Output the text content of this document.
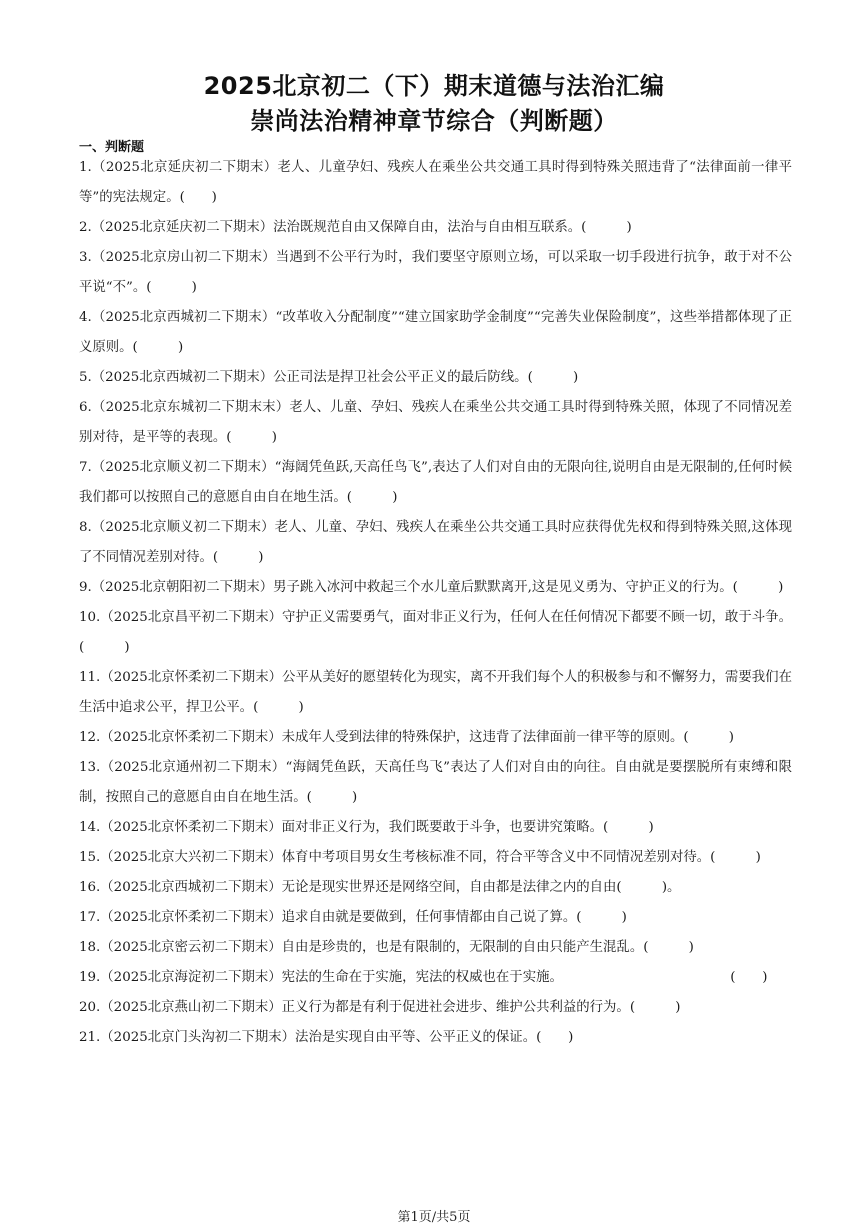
2025北京初二（下）期末道德与法治汇编
崇尚法治精神章节综合（判断题）
一、判断题
1.（2025北京延庆初二下期末）老人、儿童孕妇、残疾人在乘坐公共交通工具时得到特殊关照违背了“法律面前一律平等”的宪法规定。(　　)
2.（2025北京延庆初二下期末）法治既规范自由又保障自由，法治与自由相互联系。(　　　)
3.（2025北京房山初二下期末）当遇到不公平行为时，我们要坚守原则立场，可以采取一切手段进行抗争，敢于对不公平说“不”。(　　　)
4.（2025北京西城初二下期末）“改革收入分配制度”“建立国家助学金制度”“完善失业保险制度”，这些举措都体现了正义原则。(　　　)
5.（2025北京西城初二下期末）公正司法是捍卫社会公平正义的最后防线。(　　　)
6.（2025北京东城初二下期末末）老人、儿童、孕妇、残疾人在乘坐公共交通工具时得到特殊关照，体现了不同情况差别对待，是平等的表现。(　　　)
7.（2025北京顺义初二下期末）“海阔凭鱼跃,天高任鸟飞”,表达了人们对自由的无限向往,说明自由是无限制的,任何时候我们都可以按照自己的意愿自由自在地生活。(　　　)
8.（2025北京顺义初二下期末）老人、儿童、孕妇、残疾人在乘坐公共交通工具时应获得优先权和得到特殊关照,这体现了不同情况差别对待。(　　　)
9.（2025北京朝阳初二下期末）男子跳入冰河中救起三个水儿童后默默离开,这是见义勇为、守护正义的行为。(　　　)
10.（2025北京昌平初二下期末）守护正义需要勇气，面对非正义行为，任何人在任何情况下都要不顾一切，敢于斗争。(　　　)
11.（2025北京怀柔初二下期末）公平从美好的愿望转化为现实，离不开我们每个人的积极参与和不懈努力，需要我们在生活中追求公平，捍卫公平。(　　　)
12.（2025北京怀柔初二下期末）未成年人受到法律的特殊保护，这违背了法律面前一律平等的原则。(　　　)
13.（2025北京通州初二下期末）“海阔凭鱼跃，天高任鸟飞”表达了人们对自由的向往。自由就是要摆脱所有束缚和限制，按照自己的意愿自由自在地生活。(　　　)
14.（2025北京怀柔初二下期末）面对非正义行为，我们既要敢于斗争，也要讲究策略。(　　　)
15.（2025北京大兴初二下期末）体育中考项目男女生考核标准不同，符合平等含义中不同情况差别对待。(　　　)
16.（2025北京西城初二下期末）无论是现实世界还是网络空间，自由都是法律之内的自由(　　　)。
17.（2025北京怀柔初二下期末）追求自由就是要做到，任何事情都由自己说了算。(　　　)
18.（2025北京密云初二下期末）自由是珍贵的，也是有限制的，无限制的自由只能产生混乱。(　　　)
19.（2025北京海淀初二下期末）宪法的生命在于实施，宪法的权威也在于实施。　　　　　　　　　　　　　(　　)
20.（2025北京燕山初二下期末）正义行为都是有利于促进社会进步、维护公共利益的行为。(　　　)
21.（2025北京门头沟初二下期末）法治是实现自由平等、公平正义的保证。(　　)
第1页/共5页
